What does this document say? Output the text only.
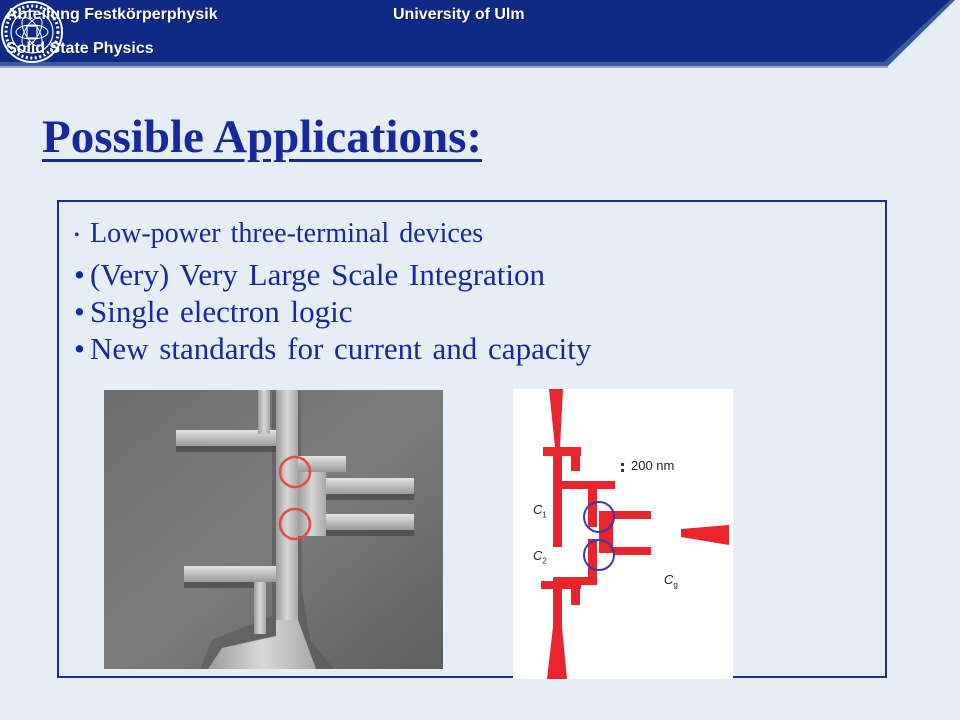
Abteilung Festkörperphysik
Solid State Physics
University of Ulm
Possible Applications:
• Low-power three-terminal devices
• (Very) Very Large Scale Integration
• Single electron logic
• New standards for current and capacity
200 nm
$C_1$
$C_2$
$C_g$
